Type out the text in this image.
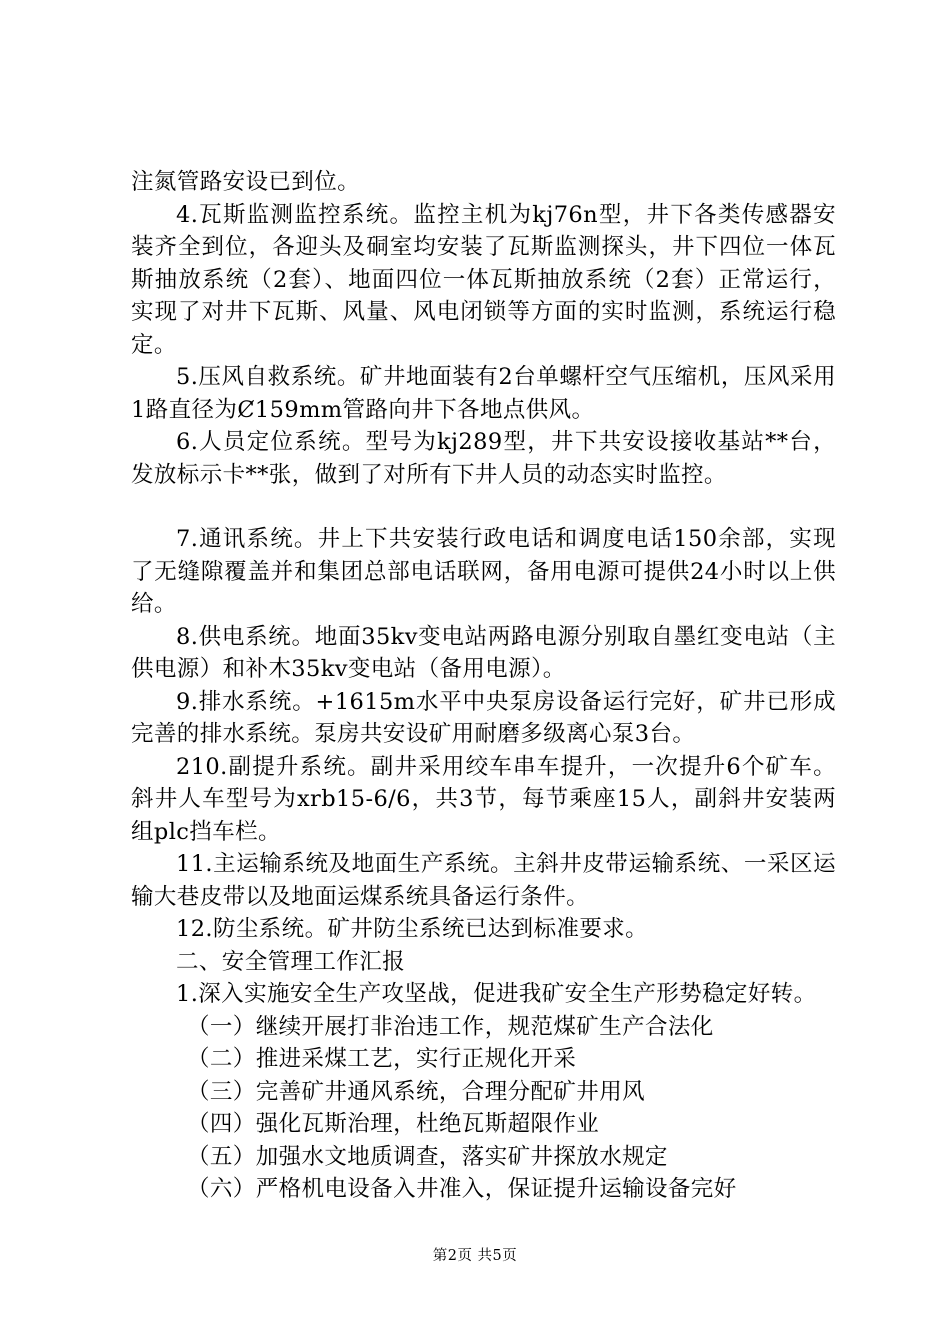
注氮管路安设已到位。

4.瓦斯监测监控系统。监控主机为kj76n型，井下各类传感器安装齐全到位，各迎头及硐室均安装了瓦斯监测探头，井下四位一体瓦斯抽放系统（2套）、地面四位一体瓦斯抽放系统（2套）正常运行，实现了对井下瓦斯、风量、风电闭锁等方面的实时监测，系统运行稳定。

5.压风自救系统。矿井地面装有2台单螺杆空气压缩机，压风采用1路直径为Ȼ159mm管路向井下各地点供风。

6.人员定位系统。型号为kj289型，井下共安设接收基站**台，发放标示卡**张，做到了对所有下井人员的动态实时监控。

7.通讯系统。井上下共安装行政电话和调度电话150余部，实现了无缝隙覆盖并和集团总部电话联网，备用电源可提供24小时以上供给。

8.供电系统。地面35kv变电站两路电源分别取自墨红变电站（主供电源）和补木35kv变电站（备用电源）。

9.排水系统。+1615m水平中央泵房设备运行完好，矿井已形成完善的排水系统。泵房共安设矿用耐磨多级离心泵3台。

210.副提升系统。副井采用绞车串车提升，一次提升6个矿车。斜井人车型号为xrb15-6/6，共3节，每节乘座15人，副斜井安装两组plc挡车栏。

11.主运输系统及地面生产系统。主斜井皮带运输系统、一采区运输大巷皮带以及地面运煤系统具备运行条件。

12.防尘系统。矿井防尘系统已达到标准要求。

二、安全管理工作汇报

1.深入实施安全生产攻坚战，促进我矿安全生产形势稳定好转。

（一）继续开展打非治违工作，规范煤矿生产合法化

（二）推进采煤工艺，实行正规化开采

（三）完善矿井通风系统，合理分配矿井用风

（四）强化瓦斯治理，杜绝瓦斯超限作业

（五）加强水文地质调查，落实矿井探放水规定

（六）严格机电设备入井准入，保证提升运输设备完好

第2页 共5页
